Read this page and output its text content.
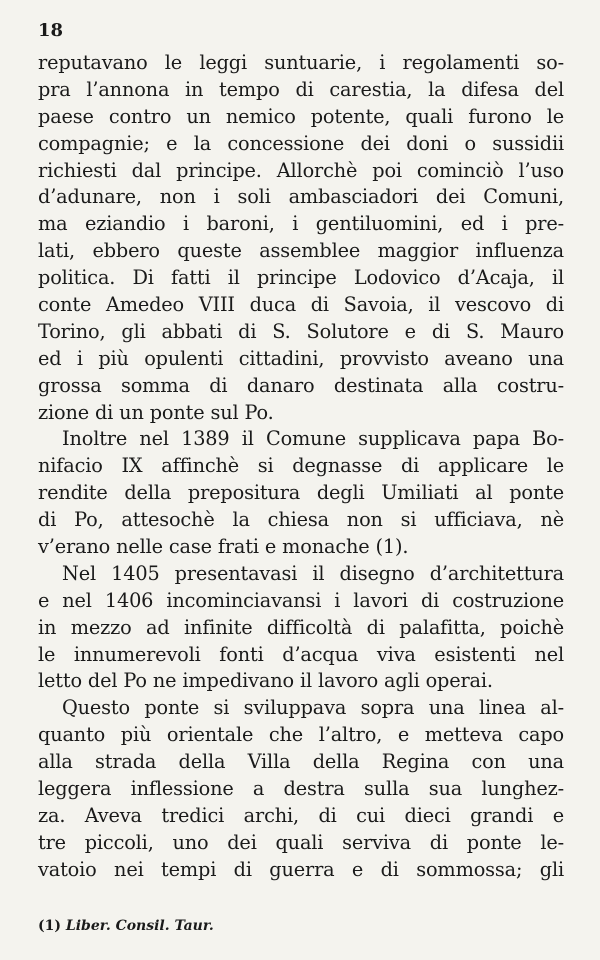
18
reputavano le leggi suntuarie, i regolamenti so-
pra l’annona in tempo di carestia, la difesa del
paese contro un nemico potente, quali furono le
compagnie; e la concessione dei doni o sussidii
richiesti dal principe. Allorchè poi cominciò l’uso
d’adunare, non i soli ambasciadori dei Comuni,
ma eziandio i baroni, i gentiluomini, ed i pre-
lati, ebbero queste assemblee maggior influenza
politica. Di fatti il principe Lodovico d’Acaja, il
conte Amedeo VIII duca di Savoia, il vescovo di
Torino, gli abbati di S. Solutore e di S. Mauro
ed i più opulenti cittadini, provvisto aveano una
grossa somma di danaro destinata alla costru-
zione di un ponte sul Po.
Inoltre nel 1389 il Comune supplicava papa Bo-
nifacio IX affinchè si degnasse di applicare le
rendite della prepositura degli Umiliati al ponte
di Po, attesochè la chiesa non si ufficiava, nè
v’erano nelle case frati e monache (1).
Nel 1405 presentavasi il disegno d’architettura
e nel 1406 incominciavansi i lavori di costruzione
in mezzo ad infinite difficoltà di palafitta, poichè
le innumerevoli fonti d’acqua viva esistenti nel
letto del Po ne impedivano il lavoro agli operai.
Questo ponte si sviluppava sopra una linea al-
quanto più orientale che l’altro, e metteva capo
alla strada della Villa della Regina con una
leggera inflessione a destra sulla sua lunghez-
za. Aveva tredici archi, di cui dieci grandi e
tre piccoli, uno dei quali serviva di ponte le-
vatoio nei tempi di guerra e di sommossa; gli
(1) Liber. Consil. Taur.
